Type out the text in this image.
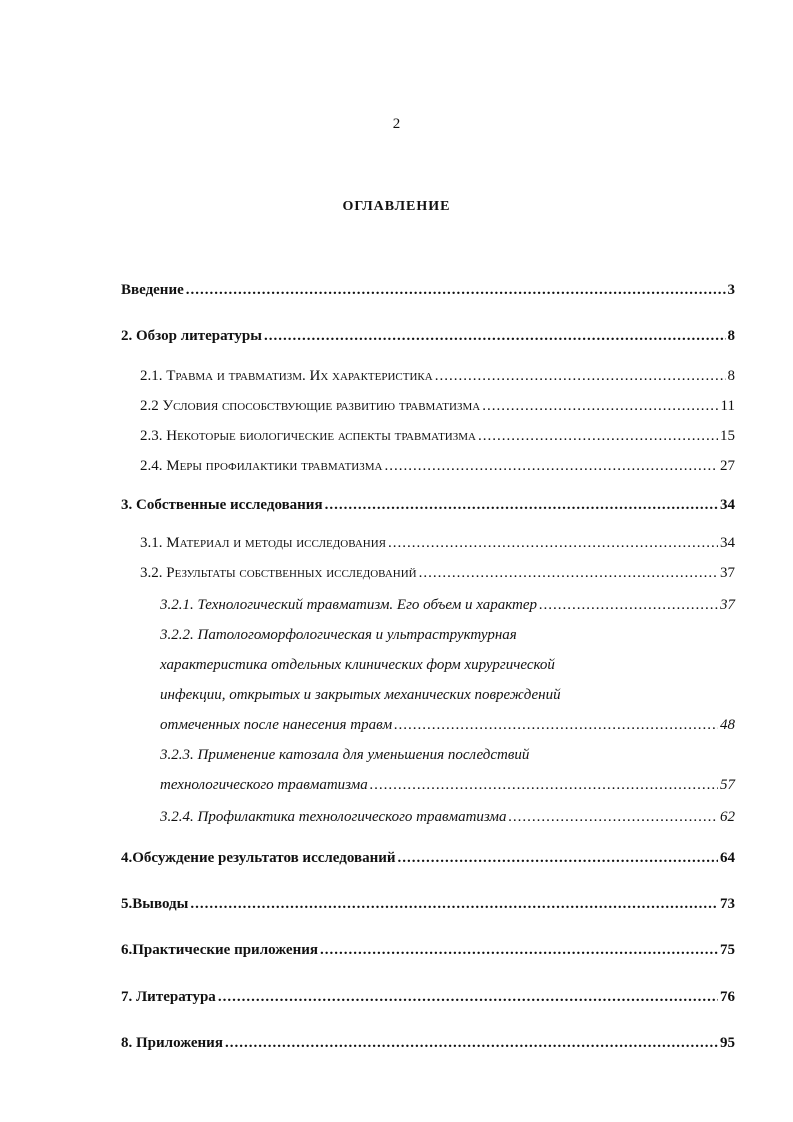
2
оглавление
Введение .....	3
2. Обзор литературы .....	8
2.1. Травма и травматизм. Их характеристика .....	8
2.2 Условия способствующие развитию травматизма .....	11
2.3. Некоторые биологические аспекты травматизма .....	15
2.4. Меры профилактики травматизма .....	27
3. Собственные исследования .....	34
3.1. Материал и методы исследования .....	34
3.2. Результаты собственных исследований .....	37
3.2.1. Технологический травматизм. Его объем и характер .....	37
3.2.2. Патологоморфологическая и ультраструктурная
характеристика отдельных клинических форм хирургической
инфекции, открытых и закрытых механических повреждений
отмеченных после нанесения травм .....	48
3.2.3. Применение катозала для уменьшения последствий
технологического травматизма .....	57
3.2.4. Профилактика технологического травматизма .....	62
4.Обсуждение результатов исследований .....	64
5.Выводы .....	73
6.Практические приложения .....	75
7. Литература .....	76
8. Приложения .....	95
